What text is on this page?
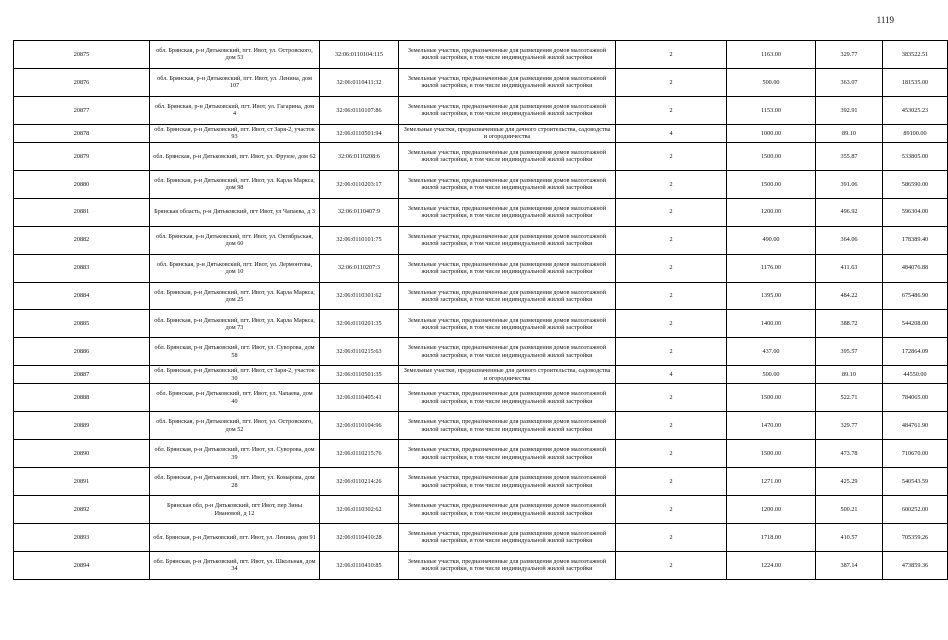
1119
20875	обл. Брянская, р-н Дятьковский, пгт. Ивот, ул. Островского, дом 53	32:06:0110104:115	Земельные участки, предназначенные для размещения домов малоэтажной жилой застройки, в том числе индивидуальной жилой застройки	2	1163.00	329.77	383522.51
20876	обл. Брянская, р-н Дятьковский, пгт. Ивот, ул. Ленина, дом 107	32:06:0110411:32	Земельные участки, предназначенные для размещения домов малоэтажной жилой застройки, в том числе индивидуальной жилой застройки	2	500.00	363.07	181535.00
20877	обл. Брянская, р-н Дятьковский, пгт. Ивот, ул. Гагарина, дом 4	32:06:0110107:86	Земельные участки, предназначенные для размещения домов малоэтажной жилой застройки, в том числе индивидуальной жилой застройки	2	1153.00	392.91	453025.23
20878	обл. Брянская, р-н Дятьковский, пгт. Ивот, ст Заря-2, участок 93	32:06:0110501:94	Земельные участки, предназначенные для дачного строительства, садоводства и огородничества	4	1000.00	89.10	89100.00
20879	обл. Брянская, р-н Дятьковский, пгт. Ивот, ул. Фрунзе, дом 62	32:06:0110208:6	Земельные участки, предназначенные для размещения домов малоэтажной жилой застройки, в том числе индивидуальной жилой застройки	2	1500.00	355.87	533805.00
20880	обл. Брянская, р-н Дятьковский, пгт. Ивот, ул. Карла Маркса, дом 98	32:06:0110203:17	Земельные участки, предназначенные для размещения домов малоэтажной жилой застройки, в том числе индивидуальной жилой застройки	2	1500.00	391.06	586590.00
20881	Брянская область, р-н Дятьковский, пгт Ивот, ул Чапаева, д 3	32:06:0110407:9	Земельные участки, предназначенные для размещения домов малоэтажной жилой застройки, в том числе индивидуальной жилой застройки	2	1200.00	496.92	596304.00
20882	обл. Брянская, р-н Дятьковский, пгт. Ивот, ул. Октябрьская, дом 60	32:06:0110101:75	Земельные участки, предназначенные для размещения домов малоэтажной жилой застройки, в том числе индивидуальной жилой застройки	2	490.00	364.06	178389.40
20883	обл. Брянская, р-н Дятьковский, пгт. Ивот, ул. Лермонтова, дом 10	32:06:0110207:3	Земельные участки, предназначенные для размещения домов малоэтажной жилой застройки, в том числе индивидуальной жилой застройки	2	1176.00	411.63	484076.88
20884	обл. Брянская, р-н Дятьковский, пгт. Ивот, ул. Карла Маркса, дом 25	32:06:0110301:62	Земельные участки, предназначенные для размещения домов малоэтажной жилой застройки, в том числе индивидуальной жилой застройки	2	1395.00	484.22	675486.90
20885	обл. Брянская, р-н Дятьковский, пгт. Ивот, ул. Карла Маркса, дом 73	32:06:0110201:35	Земельные участки, предназначенные для размещения домов малоэтажной жилой застройки, в том числе индивидуальной жилой застройки	2	1400.00	388.72	544208.00
20886	обл. Брянская, р-н Дятьковский, пгт. Ивот, ул. Суворова, дом 58	32:06:0110215:63	Земельные участки, предназначенные для размещения домов малоэтажной жилой застройки, в том числе индивидуальной жилой застройки	2	437.00	395.57	172864.09
20887	обл. Брянская, р-н Дятьковский, пгт. Ивот, ст Заря-2, участок 30	32:06:0110501:35	Земельные участки, предназначенные для дачного строительства, садоводства и огородничества	4	500.00	89.10	44550.00
20888	обл. Брянская, р-н Дятьковский, пгт. Ивот, ул. Чапаева, дом 40	32:06:0110405:41	Земельные участки, предназначенные для размещения домов малоэтажной жилой застройки, в том числе индивидуальной жилой застройки	2	1500.00	522.71	784065.00
20889	обл. Брянская, р-н Дятьковский, пгт. Ивот, ул. Островского, дом 52	32:06:0110104:96	Земельные участки, предназначенные для размещения домов малоэтажной жилой застройки, в том числе индивидуальной жилой застройки	2	1470.00	329.77	484761.90
20890	обл. Брянская, р-н Дятьковский, пгт. Ивот, ул. Суворова, дом 39	32:06:0110215:76	Земельные участки, предназначенные для размещения домов малоэтажной жилой застройки, в том числе индивидуальной жилой застройки	2	1500.00	473.78	710670.00
20891	обл. Брянская, р-н Дятьковский, пгт. Ивот, ул. Комарова, дом 28	32:06:0110214:26	Земельные участки, предназначенные для размещения домов малоэтажной жилой застройки, в том числе индивидуальной жилой застройки	2	1271.00	425.29	540543.59
20892	Брянская обл, р-н Дятьковский, пгт Ивот, пер Зины Ивановой, д 12	32:06:0110302:62	Земельные участки, предназначенные для размещения домов малоэтажной жилой застройки, в том числе индивидуальной жилой застройки	2	1200.00	500.21	600252.00
20893	обл. Брянская, р-н Дятьковский, пгт. Ивот, ул. Ленина, дом 91	32:06:0110410:28	Земельные участки, предназначенные для размещения домов малоэтажной жилой застройки, в том числе индивидуальной жилой застройки	2	1718.00	410.57	705359.26
20894	обл. Брянская, р-н Дятьковский, пгт. Ивот, ул. Школьная, дом 34	32:06:0110410:85	Земельные участки, предназначенные для размещения домов малоэтажной жилой застройки, в том числе индивидуальной жилой застройки	2	1224.00	387.14	473859.36
